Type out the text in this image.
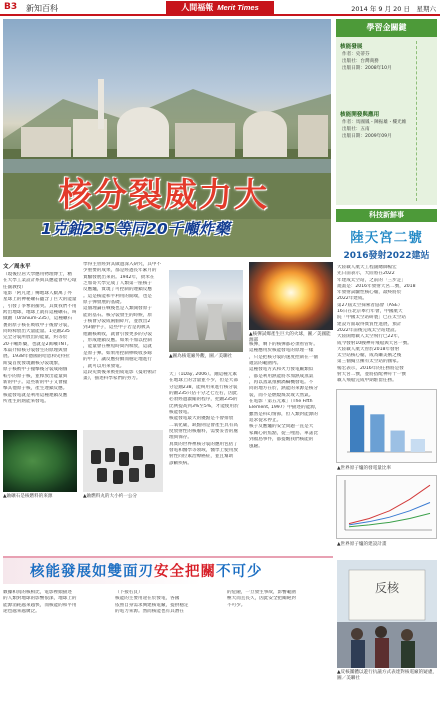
B3 新知百科	人間福報 Merit Times	2014 年 9 月 20 日　星期六
核分裂威力大
1克鈾235等同20千噸炸藥
學習金關鍵
核能發展
作者：史蒂芬
出版社：台灣商務
出版日期：2008年10月
核能開發與應用
作者：馬國鳳・陳振雄・樓光維
出版社：五南
出版日期：2009年09月
科技新鮮事
陸天宮二號
2016發射2022建站
大陸載人航天工程副總師楊宏
先日前表示，大陸將在2022
年建成太空站，之前的「三步走」
規畫是：2016年發射天宮二號，2018
年發射試驗性核心艙，最終將於
2022年建成。
第27屆太空探索者協會（ASE）
16日在北京舉行年會，中國航天
院「中國太空站研製」已在太空站
建設方面取得實質性進展，預計
2022年前後完成太空站建設。
大陸開始載人太空飛行已22年，
成今發射10艘神舟飛船與天宮一號。
大陸載人航天曾於2018年發射
太空站核心艙，成為繼美俄之後
第三個獨立擁有太空站的國家。
楊宏表示，2016年的任務將是發
射天宮二號，並將搭配神舟十一號
載人飛船完成中期駐留任務。
▲世界原子爐的發電量比率
▲世界原子爐的建設計畫
文／周永平
（現後位居大學應用物理博士，精
在大學工業設計系與其應能會中心環
任副教授）
電影「阿凡達」傳地球人數萬了外
星球上的神秘礦石蘊含了巨大的能量
，引發了爭奪的衝突。其實我們不用
跨出地球，地球上就有這種礦石，叫
做鈾（Uranium-235），這種礦石
裏的原子核在吸收中子後會分裂，
同時釋放出大量能量。1克鈾235
完全分裂所放出的能量，約等於
20千噸炸藥，也就是2萬噸TNT。
本篇介紹核分裂發生的原理與發
展。1938年德國的哈恩和史特拉
斯曼首度發現鈾核分裂現象，
原子核被中子撞擊後分裂成兩個
較小的原子核，並釋放出能量與
新的中子。這些新的中子又會撞
擊其他原子核，產生連鎖反應。
核能發電就是利用這種連鎖反應
所產生的熱能來發電。
▲鈾礦石是核燃料的來源
學得主曾經對其做過深入研究，其中不
少重要的成果，都是經過長年累月的
實驗發展出來的。1942年，費米在
芝加哥大學完成了人類第一座核子
反應爐，實現了可控制的連鎖反應
。這是核能和平利用的開端，也是
原子彈發展的基礎。
這個理論在戰後也是人類開發原子
能的基石。核分裂發生的時候，原
子核會分裂成兩個碎片，並放出2
到3個中子，這些中子若是再被其
他鈾核吸收，就會引發更多的分裂
，形成連鎖反應。如果不加以控制
，能量會在極短時間內釋放，這就
是原子彈。如果用控制棒吸收多餘
的中子，讓反應持續而穩定地進行
，就可以用來發電。
這段史實後來被拍成電影《曼哈頓計
畫》，描述科學家們的努力。
▲鈾燃料丸的大小約一公分
天」（1Day, 2006）。鈾這種元素
在地球上的含量並不少，但是大部
分是鈾238，能夠用來進行核分裂
的鈾235只佔千分之七左右，因此
必須經過濃縮的程序，把鈾235的
比例提高到3%至5%，才能使用於
核能發電。
核能發電最大的優點是不會排放
二氧化碳，缺點則是會產生具有高
度放射性的核廢料，需要妥善的處
理與保存。
真實的世界裡核分裂的應用包括了
發電和醫學等領域，醫學上使用放
射性同位素治療癌症，並且幫助
診斷疾病。
▲圖為核電廠外觀，圖／美聯社
核彈，剩下的核彈都必須看管好。
這種應用於核能發電的原理一樣
，只是把核分裂的速度控制在一個
適當的範圍內。
這種發電方式和火力發電廠類似
，都是利用熱能將水加熱成蒸氣
，再以蒸氣推動渦輪機發電。不
同的地方在於，熱能的來源是核分
裂，而不是燃燒煤炭或天然氣。
在電影「第五元素」（The Fifth
Element, 1997）中描述的能源，
雖然是科幻情節，但人類對能源的
追求從未停止。
核子反應爐的安全問題一直是大
家關心的焦點，從三哩島、車諾比
到福島事件，都提醒我們核能的
風險。
▲核彈試爆產生巨大的火球，圖／美國能源部
核能發展如雙面刃安全把關不可少
數據和真的核相比，電影裡頭描述
的人類對地球的影響很深，地球上的
能源消耗越來越快，而核能的和平用
途也越來越廣泛。
（下接右頁）
核能的主要用途在於發電，各國
依照自身需求興建核電廠，提供穩定
的電力來源。然而核能也有其潛在
的危險，一旦發生事故，影響範圍
極大而且長久，因此安全把關絕對
不可少。
反核
▲反核團體以遊行抗議方式表達對核電廠的疑慮，圖／美聯社
